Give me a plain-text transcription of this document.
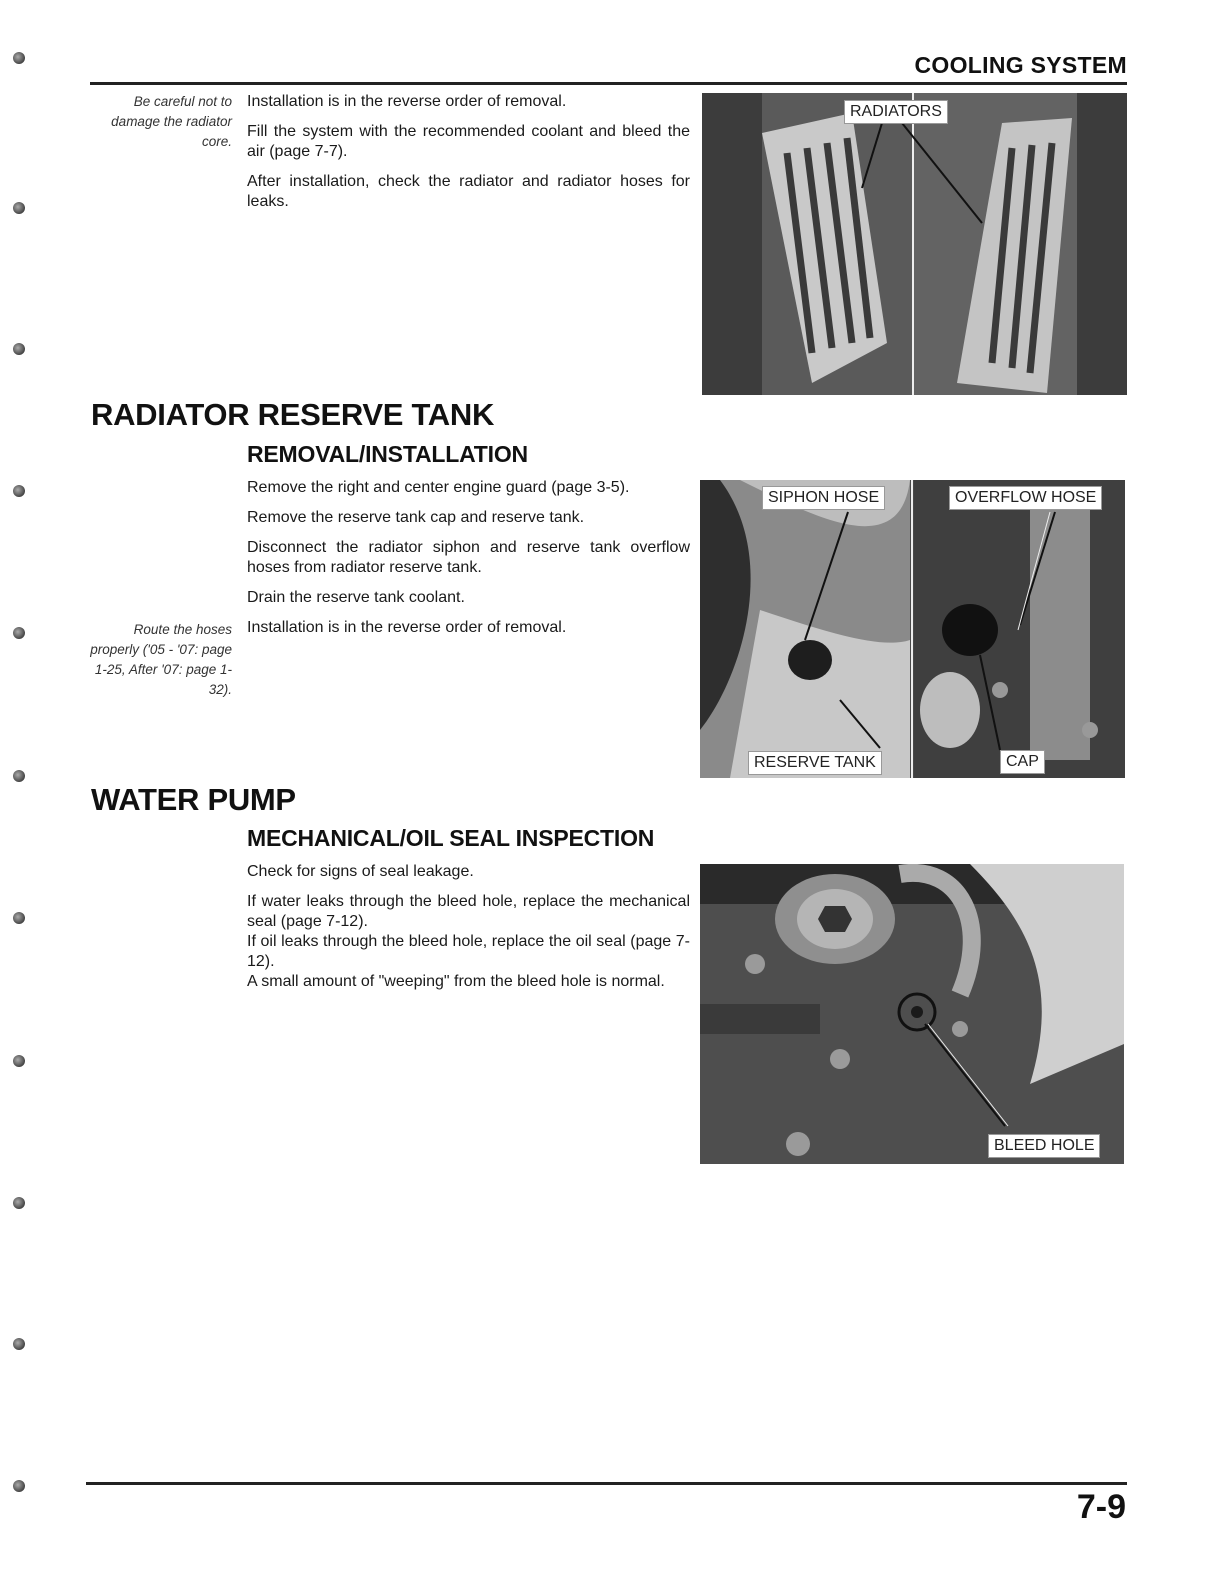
COOLING SYSTEM
Be careful not to damage the radiator core.

Installation is in the reverse order of removal.

Fill the system with the recommended coolant and bleed the air (page 7-7).

After installation, check the radiator and radiator hoses for leaks.

RADIATORS
RADIATOR RESERVE TANK
REMOVAL/INSTALLATION

Remove the right and center engine guard (page 3-5).

Remove the reserve tank cap and reserve tank.

Disconnect the radiator siphon and reserve tank overflow hoses from radiator reserve tank.

Drain the reserve tank coolant.

Installation is in the reverse order of removal.

Route the hoses properly ('05 - '07: page 1-25, After '07: page 1-32).
SIPHON HOSE	OVERFLOW HOSE
RESERVE TANK	CAP
WATER PUMP
MECHANICAL/OIL SEAL INSPECTION

Check for signs of seal leakage.

If water leaks through the bleed hole, replace the mechanical seal (page 7-12).

If oil leaks through the bleed hole, replace the oil seal (page 7-12).

A small amount of "weeping" from the bleed hole is normal.

BLEED HOLE
7-9
